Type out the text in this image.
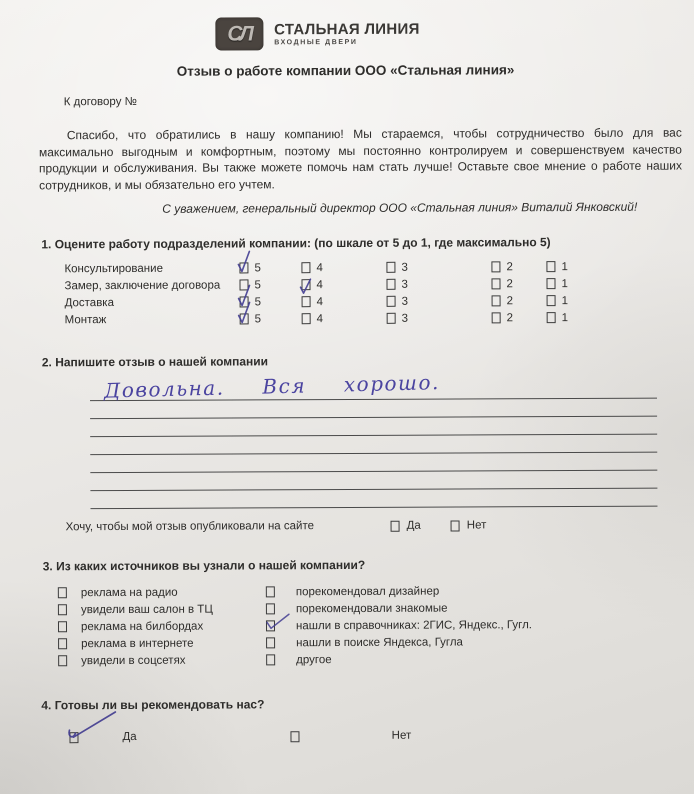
СЛ СТАЛЬНАЯ ЛИНИЯ
ВХОДНЫЕ ДВЕРИ
Отзыв о работе компании ООО «Стальная линия»
К договору №

Спасибо, что обратились в нашу компанию! Мы стараемся, чтобы сотрудничество было для вас максимально выгодным и комфортным, поэтому мы постоянно контролируем и совершенствуем качество продукции и обслуживания. Вы также можете помочь нам стать лучше! Оставьте свое мнение о работе наших сотрудников, и мы обязательно его учтем.

С уважением, генеральный директор ООО «Стальная линия» Виталий Янковский!

1. Оцените работу подразделений компании: (по шкале от 5 до 1, где максимально 5)
Консультирование	5	4	3	2	1
Замер, заключение договора	5	4	3	2	1
Доставка	5	4	3	2	1
Монтаж	5	4	3	2	1
2. Напишите отзыв о нашей компании
Довольна. Вся хорошо.
Хочу, чтобы мой отзыв опубликовали на сайте	Да	Нет
3. Из каких источников вы узнали о нашей компании?
реклама на радио	порекомендовал дизайнер
увидели ваш салон в ТЦ	порекомендовали знакомые
реклама на билбордах	нашли в справочниках: 2ГИС, Яндекс., Гугл.
реклама в интернете	нашли в поиске Яндекса, Гугла
увидели в соцсетях	другое
4. Готовы ли вы рекомендовать нас?
Да	Нет
